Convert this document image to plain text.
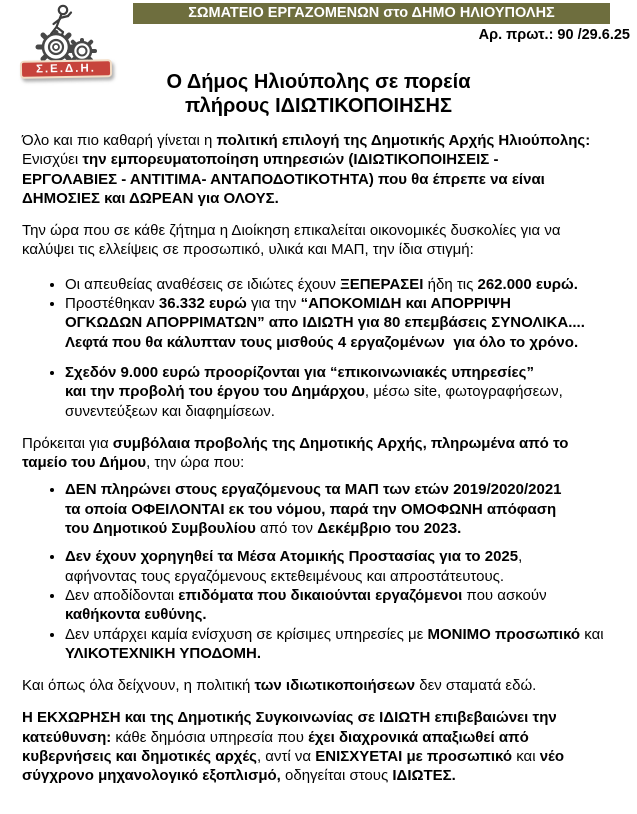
Σ.Ε.Δ.Η.
ΣΩΜΑΤΕΙΟ ΕΡΓΑΖΟΜΕΝΩΝ στο ΔΗΜΟ ΗΛΙΟΥΠΟΛΗΣ
Αρ. πρωτ.: 90 /29.6.25
Ο Δήμος Ηλιούπολης σε πορεία
πλήρους ΙΔΙΩΤΙΚΟΠΟΙΗΣΗΣ

Όλο και πιο καθαρή γίνεται η πολιτική επιλογή της Δημοτικής Αρχής Ηλιούπολης:
Ενισχύει την εμπορευματοποίηση υπηρεσιών (ΙΔΙΩΤΙΚΟΠΟΙΗΣΕΙΣ -
ΕΡΓΟΛΑΒΙΕΣ - ΑΝΤΙΤΙΜΑ- ΑΝΤΑΠΟΔΟΤΙΚΟΤΗΤΑ) που θα έπρεπε να είναι
ΔΗΜΟΣΙΕΣ και ΔΩΡΕΑΝ για ΟΛΟΥΣ.

Την ώρα που σε κάθε ζήτημα η Διοίκηση επικαλείται οικονομικές δυσκολίες για να
καλύψει τις ελλείψεις σε προσωπικό, υλικά και ΜΑΠ, την ίδια στιγμή:

• Οι απευθείας αναθέσεις σε ιδιώτες έχουν ΞΕΠΕΡΑΣΕΙ ήδη τις 262.000 ευρώ.
• Προστέθηκαν 36.332 ευρώ για την “ΑΠΟΚΟΜΙΔΗ και ΑΠΟΡΡΙΨΗ
ΟΓΚΩΔΩΝ ΑΠΟΡΡΙΜΑΤΩΝ” απο ΙΔΙΩΤΗ για 80 επεμβάσεις ΣΥΝΟΛΙΚΑ....
Λεφτά που θα κάλυπταν τους μισθούς 4 εργαζομένων  για όλο το χρόνο.
• Σχεδόν 9.000 ευρώ προορίζονται για “επικοινωνιακές υπηρεσίες”
και την προβολή του έργου του Δημάρχου, μέσω site, φωτογραφήσεων,
συνεντεύξεων και διαφημίσεων.

Πρόκειται για συμβόλαια προβολής της Δημοτικής Αρχής, πληρωμένα από το
ταμείο του Δήμου, την ώρα που:

• ΔΕΝ πληρώνει στους εργαζόμενους τα ΜΑΠ των ετών 2019/2020/2021
τα οποία ΟΦΕΙΛΟΝΤΑΙ εκ του νόμου, παρά την ΟΜΟΦΩΝΗ απόφαση
του Δημοτικού Συμβουλίου από τον Δεκέμβριο του 2023.
• Δεν έχουν χορηγηθεί τα Μέσα Ατομικής Προστασίας για το 2025,
αφήνοντας τους εργαζόμενους εκτεθειμένους και απροστάτευτους.
• Δεν αποδίδονται επιδόματα που δικαιούνται εργαζόμενοι που ασκούν
καθήκοντα ευθύνης.
• Δεν υπάρχει καμία ενίσχυση σε κρίσιμες υπηρεσίες με ΜΟΝΙΜΟ προσωπικό και
ΥΛΙΚΟΤΕΧΝΙΚΗ ΥΠΟΔΟΜΗ.

Και όπως όλα δείχνουν, η πολιτική των ιδιωτικοποιήσεων δεν σταματά εδώ.

Η ΕΚΧΩΡΗΣΗ και της Δημοτικής Συγκοινωνίας σε ΙΔΙΩΤΗ επιβεβαιώνει την
κατεύθυνση: κάθε δημόσια υπηρεσία που έχει διαχρονικά απαξιωθεί από
κυβερνήσεις και δημοτικές αρχές, αντί να ΕΝΙΣΧΥΕΤΑΙ με προσωπικό και νέο
σύγχρονο μηχανολογικό εξοπλισμό, οδηγείται στους ΙΔΙΩΤΕΣ.
